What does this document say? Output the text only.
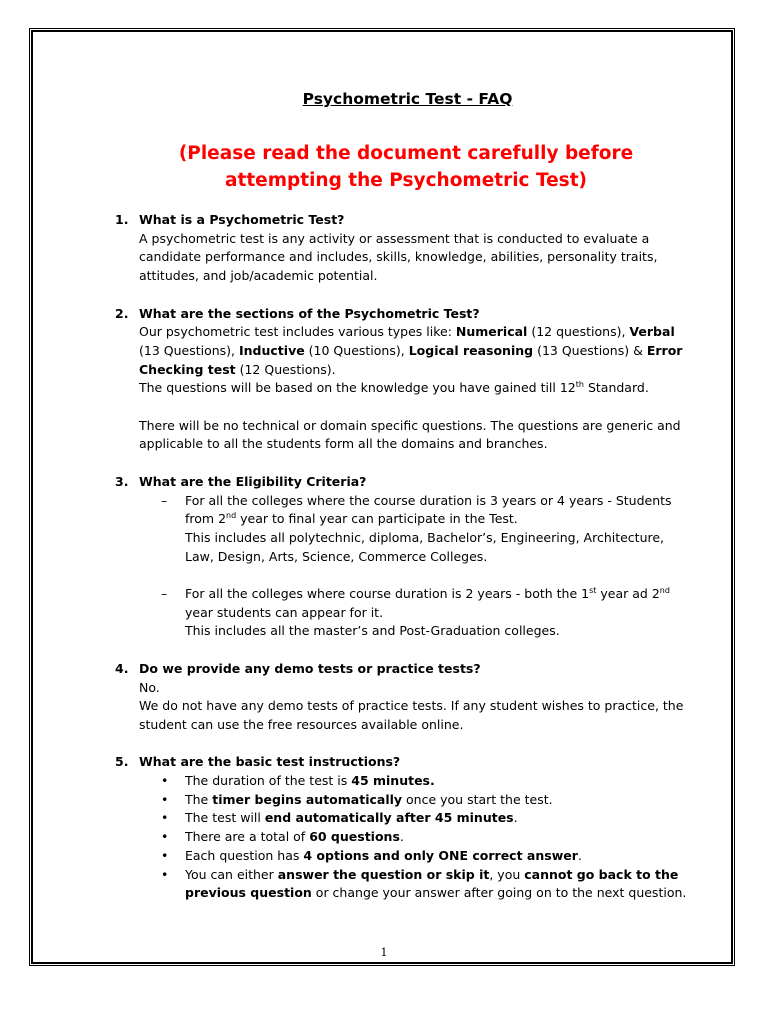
Psychometric Test - FAQ
(Please read the document carefully before attempting the Psychometric Test)
1. What is a Psychometric Test?

A psychometric test is any activity or assessment that is conducted to evaluate a candidate performance and includes, skills, knowledge, abilities, personality traits, attitudes, and job/academic potential.

2. What are the sections of the Psychometric Test?

Our psychometric test includes various types like: Numerical (12 questions), Verbal (13 Questions), Inductive (10 Questions), Logical reasoning (13 Questions) & Error Checking test (12 Questions).

The questions will be based on the knowledge you have gained till 12th Standard.

There will be no technical or domain specific questions. The questions are generic and applicable to all the students form all the domains and branches.

3. What are the Eligibility Criteria?
– For all the colleges where the course duration is 3 years or 4 years - Students from 2nd year to final year can participate in the Test.

This includes all polytechnic, diploma, Bachelor’s, Engineering, Architecture, Law, Design, Arts, Science, Commerce Colleges.

– For all the colleges where course duration is 2 years - both the 1st year ad 2nd year students can appear for it.

This includes all the master’s and Post-Graduation colleges.

4. Do we provide any demo tests or practice tests?

No.

We do not have any demo tests of practice tests. If any student wishes to practice, the student can use the free resources available online.

5. What are the basic test instructions?
• The duration of the test is 45 minutes.
• The timer begins automatically once you start the test.
• The test will end automatically after 45 minutes.
• There are a total of 60 questions.
• Each question has 4 options and only ONE correct answer.
• You can either answer the question or skip it, you cannot go back to the previous question or change your answer after going on to the next question.
1
